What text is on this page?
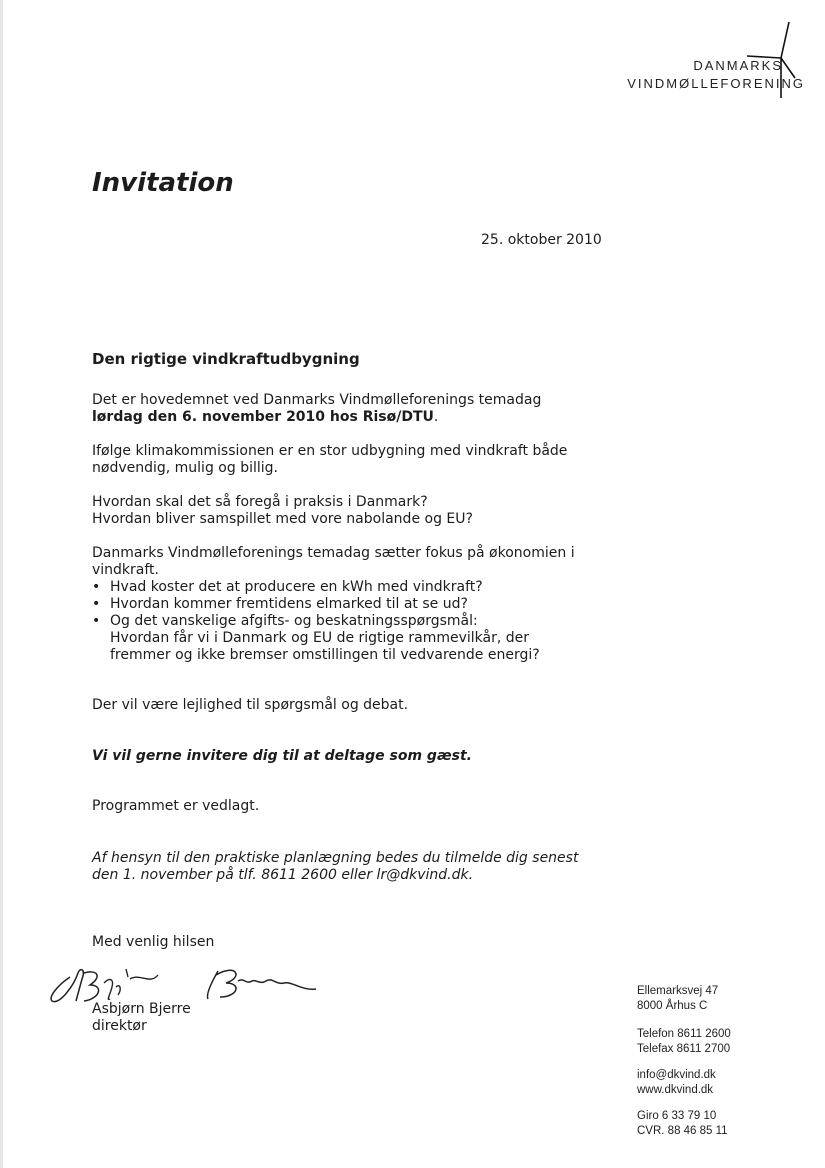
DANMARKS
VINDMØLLEFORENING
Invitation
25. oktober 2010
Den rigtige vindkraftudbygning
Det er hovedemnet ved Danmarks Vindmølleforenings temadag
lørdag den 6. november 2010 hos Risø/DTU.
Ifølge klimakommissionen er en stor udbygning med vindkraft både
nødvendig, mulig og billig.
Hvordan skal det så foregå i praksis i Danmark?
Hvordan bliver samspillet med vore nabolande og EU?
Danmarks Vindmølleforenings temadag sætter fokus på økonomien i
vindkraft.
• Hvad koster det at producere en kWh med vindkraft?
• Hvordan kommer fremtidens elmarked til at se ud?
• Og det vanskelige afgifts- og beskatningsspørgsmål:
Hvordan får vi i Danmark og EU de rigtige rammevilkår, der
fremmer og ikke bremser omstillingen til vedvarende energi?
Der vil være lejlighed til spørgsmål og debat.
Vi vil gerne invitere dig til at deltage som gæst.
Programmet er vedlagt.
Af hensyn til den praktiske planlægning bedes du tilmelde dig senest
den 1. november på tlf. 8611 2600 eller lr@dkvind.dk.
Med venlig hilsen
Asbjørn Bjerre
direktør
Ellemarksvej 47
8000 Århus C
Telefon 8611 2600
Telefax 8611 2700
info@dkvind.dk
www.dkvind.dk
Giro 6 33 79 10
CVR. 88 46 85 11
